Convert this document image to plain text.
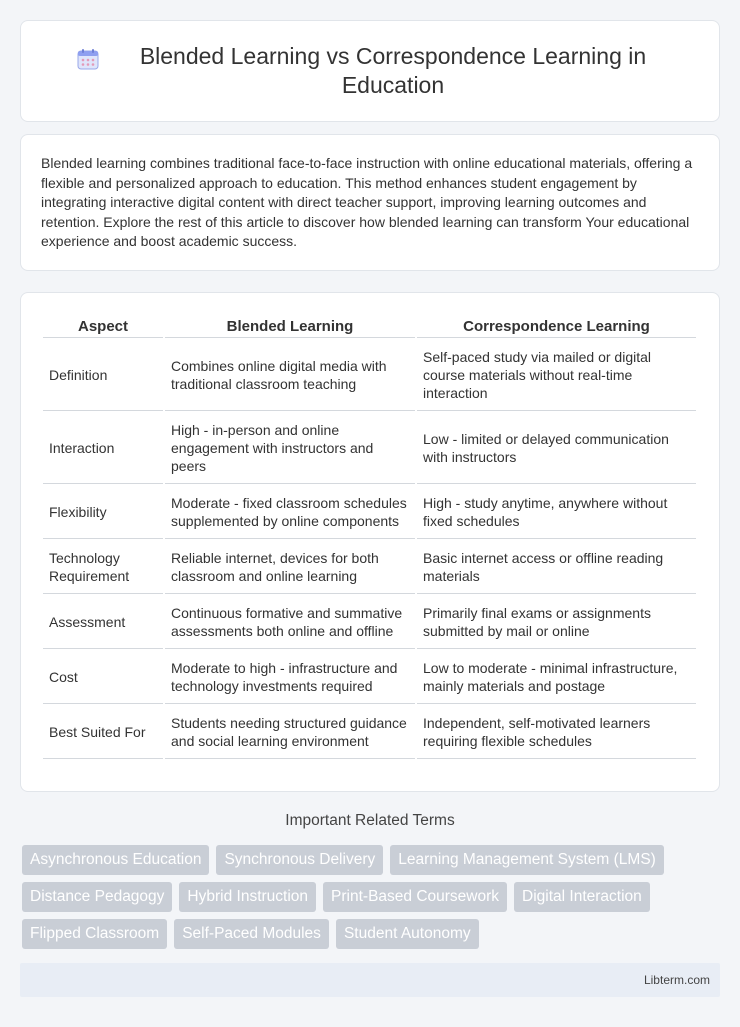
Blended Learning vs Correspondence Learning in Education

Blended learning combines traditional face-to-face instruction with online educational materials, offering a flexible and personalized approach to education. This method enhances student engagement by integrating interactive digital content with direct teacher support, improving learning outcomes and retention. Explore the rest of this article to discover how blended learning can transform Your educational experience and boost academic success.

Aspect	Blended Learning	Correspondence Learning
Definition	Combines online digital media with traditional classroom teaching	Self-paced study via mailed or digital course materials without real-time interaction
Interaction	High - in-person and online engagement with instructors and peers	Low - limited or delayed communication with instructors
Flexibility	Moderate - fixed classroom schedules supplemented by online components	High - study anytime, anywhere without fixed schedules
Technology Requirement	Reliable internet, devices for both classroom and online learning	Basic internet access or offline reading materials
Assessment	Continuous formative and summative assessments both online and offline	Primarily final exams or assignments submitted by mail or online
Cost	Moderate to high - infrastructure and technology investments required	Low to moderate - minimal infrastructure, mainly materials and postage
Best Suited For	Students needing structured guidance and social learning environment	Independent, self-motivated learners requiring flexible schedules
Important Related Terms
Asynchronous Education	Synchronous Delivery	Learning Management System (LMS)
Distance Pedagogy	Hybrid Instruction	Print-Based Coursework	Digital Interaction
Flipped Classroom	Self-Paced Modules	Student Autonomy
Libterm.com
